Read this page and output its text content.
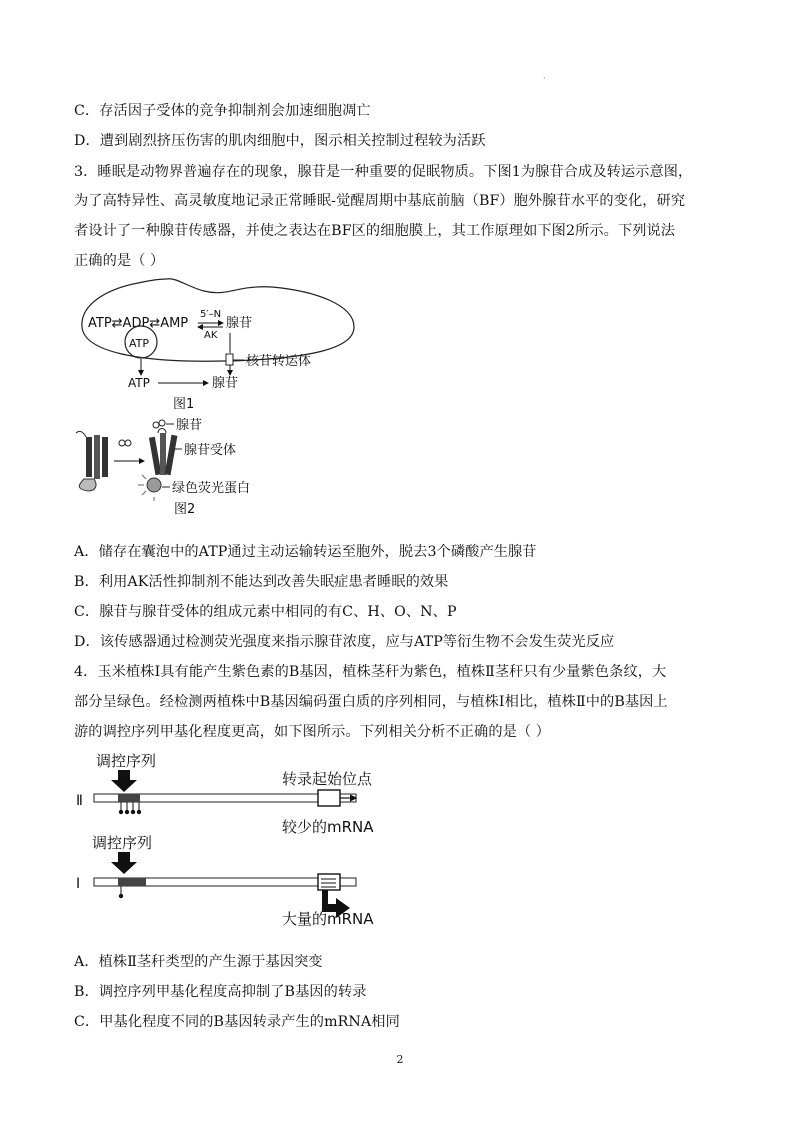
·
C．存活因子受体的竞争抑制剂会加速细胞凋亡
D．遭到剧烈挤压伤害的肌肉细胞中，图示相关控制过程较为活跃
3．睡眠是动物界普遍存在的现象，腺苷是一种重要的促眠物质。下图1为腺苷合成及转运示意图，
为了高特异性、高灵敏度地记录正常睡眠-觉醒周期中基底前脑（BF）胞外腺苷水平的变化，研究
者设计了一种腺苷传感器，并使之表达在BF区的细胞膜上，其工作原理如下图2所示。下列说法
正确的是（ ）
ATP⇄ADP⇄AMP
5′–N
AK
腺苷
ATP
核苷转运体
ATP	腺苷
图1
腺苷
腺苷受体
绿色荧光蛋白
图2
A．储存在囊泡中的ATP通过主动运输转运至胞外，脱去3个磷酸产生腺苷
B．利用AK活性抑制剂不能达到改善失眠症患者睡眠的效果
C．腺苷与腺苷受体的组成元素中相同的有C、H、O、N、P
D．该传感器通过检测荧光强度来指示腺苷浓度，应与ATP等衍生物不会发生荧光反应
4．玉米植株Ⅰ具有能产生紫色素的B基因，植株茎秆为紫色，植株Ⅱ茎秆只有少量紫色条纹，大
部分呈绿色。经检测两植株中B基因编码蛋白质的序列相同，与植株Ⅰ相比，植株Ⅱ中的B基因上
游的调控序列甲基化程度更高，如下图所示。下列相关分析不正确的是（ ）
调控序列
转录起始位点
Ⅱ
较少的mRNA
调控序列
Ⅰ
大量的mRNA
A．植株Ⅱ茎秆类型的产生源于基因突变
B．调控序列甲基化程度高抑制了B基因的转录
C．甲基化程度不同的B基因转录产生的mRNA相同
2
